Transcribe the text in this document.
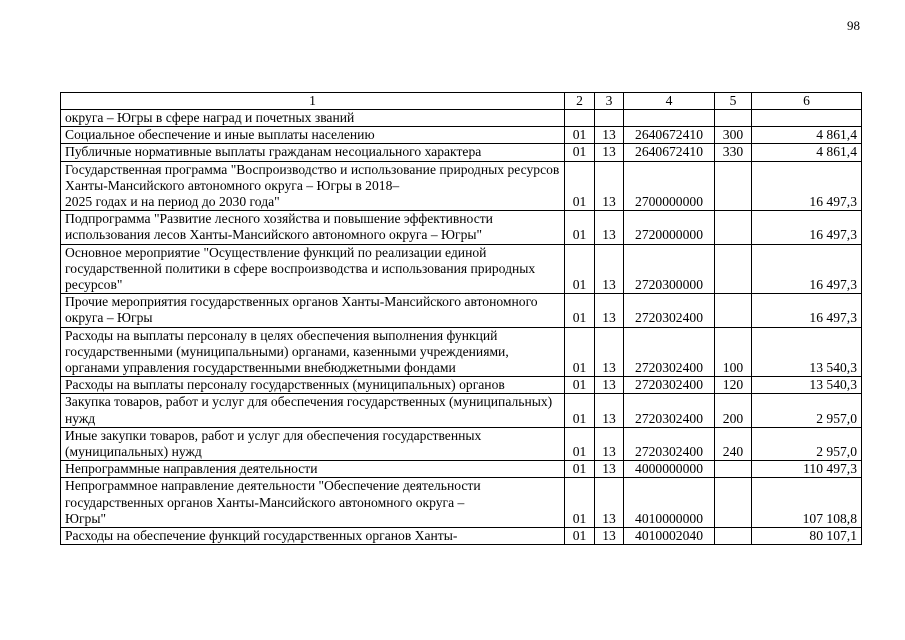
98
1	2	3	4	5	6
округа – Югры в сфере наград и почетных званий					
Социальное обеспечение и иные выплаты населению	01	13	2640672410	300	4 861,4
Публичные нормативные выплаты гражданам несоциального характера	01	13	2640672410	330	4 861,4
Государственная программа "Воспроизводство и использование природных ресурсов Ханты-Мансийского автономного округа – Югры в 2018–
2025 годах и на период до 2030 года"	01	13	2700000000		16 497,3
Подпрограмма "Развитие лесного хозяйства и повышение эффективности использования лесов Ханты-Мансийского автономного округа – Югры"	01	13	2720000000		16 497,3
Основное мероприятие "Осуществление функций по реализации единой государственной политики в сфере воспроизводства и использования природных ресурсов"	01	13	2720300000		16 497,3
Прочие мероприятия государственных органов Ханты-Мансийского автономного округа – Югры	01	13	2720302400		16 497,3
Расходы на выплаты персоналу в целях обеспечения выполнения функций государственными (муниципальными) органами, казенными учреждениями, органами управления государственными внебюджетными фондами	01	13	2720302400	100	13 540,3
Расходы на выплаты персоналу государственных (муниципальных) органов	01	13	2720302400	120	13 540,3
Закупка товаров, работ и услуг для обеспечения государственных (муниципальных) нужд	01	13	2720302400	200	2 957,0
Иные закупки товаров, работ и услуг для обеспечения государственных (муниципальных) нужд	01	13	2720302400	240	2 957,0
Непрограммные направления деятельности	01	13	4000000000		110 497,3
Непрограммное направление деятельности "Обеспечение деятельности государственных органов Ханты-Мансийского автономного округа –
Югры"	01	13	4010000000		107 108,8
Расходы на обеспечение функций государственных органов Ханты-	01	13	4010002040		80 107,1
